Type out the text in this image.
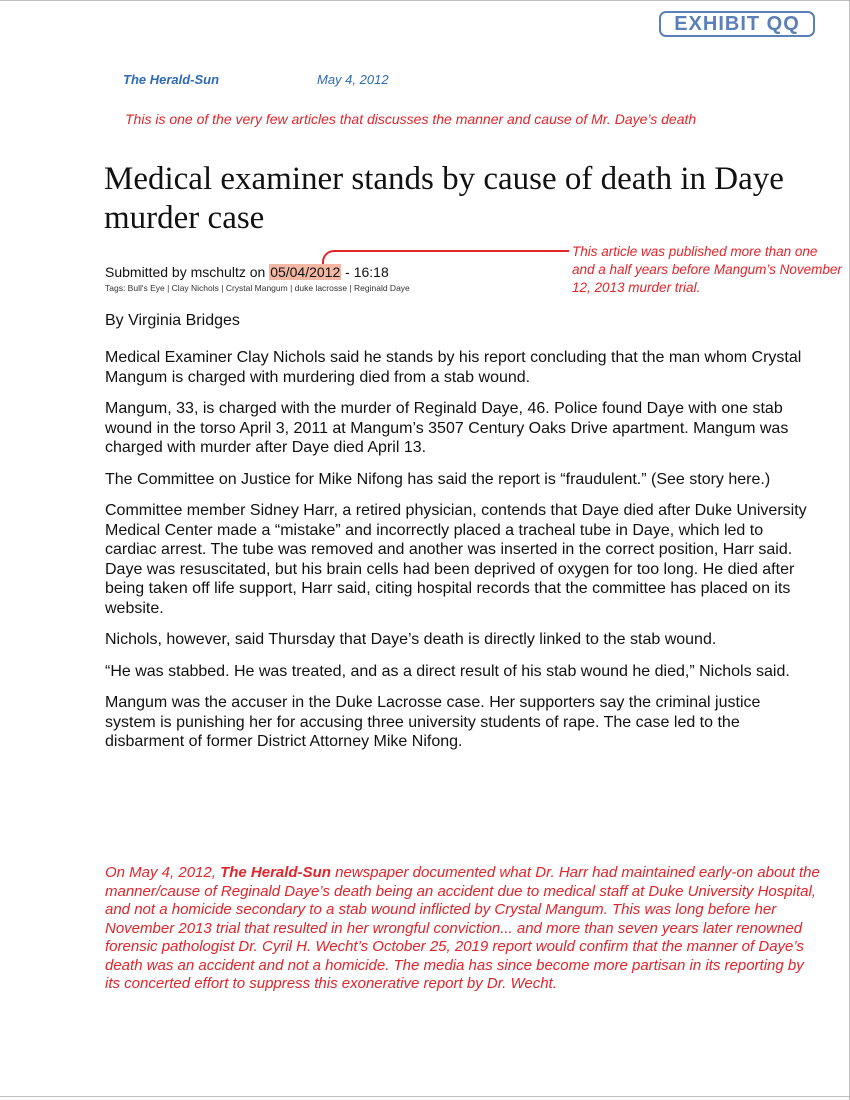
EXHIBIT QQ
The Herald-Sun	May 4, 2012
This is one of the very few articles that discusses the manner and cause of Mr. Daye’s death
Medical examiner stands by cause of death in Daye murder case
Submitted by mschultz on 05/04/2012 - 16:18
Tags: Bull's Eye | Clay Nichols | Crystal Mangum | duke lacrosse | Reginald Daye
This article was published more than one and a half years before Mangum’s November 12, 2013 murder trial.
By Virginia Bridges

Medical Examiner Clay Nichols said he stands by his report concluding that the man whom Crystal Mangum is charged with murdering died from a stab wound.

Mangum, 33, is charged with the murder of Reginald Daye, 46. Police found Daye with one stab wound in the torso April 3, 2011 at Mangum’s 3507 Century Oaks Drive apartment. Mangum was charged with murder after Daye died April 13.

The Committee on Justice for Mike Nifong has said the report is “fraudulent.” (See story here.)

Committee member Sidney Harr, a retired physician, contends that Daye died after Duke University Medical Center made a “mistake” and incorrectly placed a tracheal tube in Daye, which led to cardiac arrest. The tube was removed and another was inserted in the correct position, Harr said. Daye was resuscitated, but his brain cells had been deprived of oxygen for too long. He died after being taken off life support, Harr said, citing hospital records that the committee has placed on its website.

Nichols, however, said Thursday that Daye’s death is directly linked to the stab wound.

“He was stabbed. He was treated, and as a direct result of his stab wound he died,” Nichols said.

Mangum was the accuser in the Duke Lacrosse case. Her supporters say the criminal justice system is punishing her for accusing three university students of rape. The case led to the disbarment of former District Attorney Mike Nifong.

On May 4, 2012, The Herald-Sun newspaper documented what Dr. Harr had maintained early-on about the manner/cause of Reginald Daye’s death being an accident due to medical staff at Duke University Hospital, and not a homicide secondary to a stab wound inflicted by Crystal Mangum. This was long before her November 2013 trial that resulted in her wrongful conviction... and more than seven years later renowned forensic pathologist Dr. Cyril H. Wecht’s October 25, 2019 report would confirm that the manner of Daye’s death was an accident and not a homicide. The media has since become more partisan in its reporting by its concerted effort to suppress this exonerative report by Dr. Wecht.
